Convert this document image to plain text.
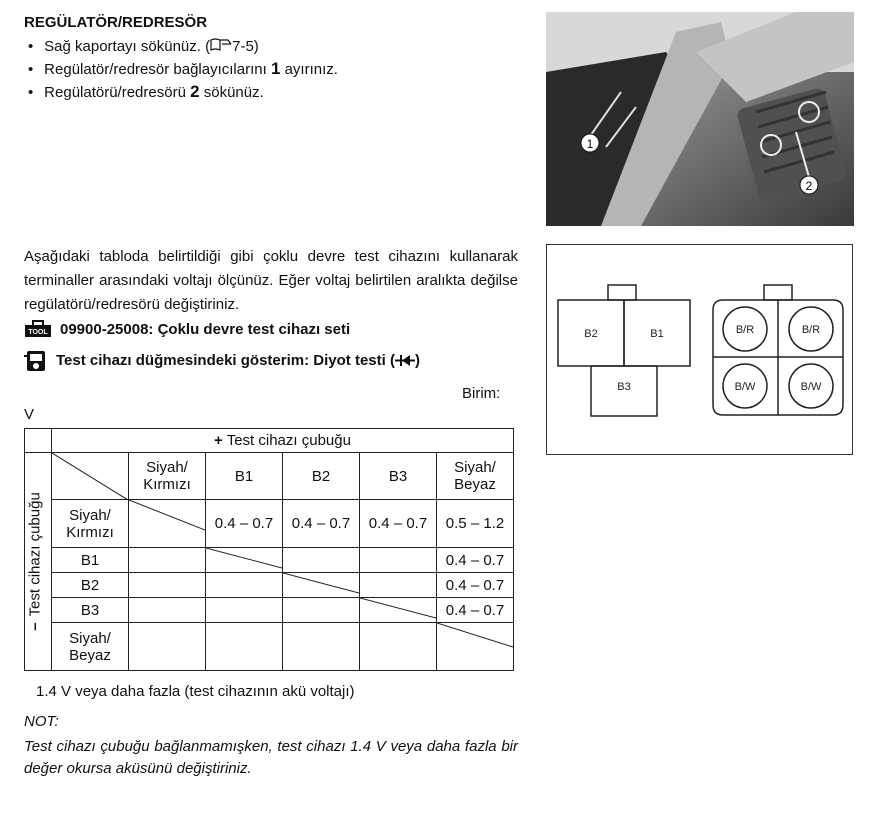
REGÜLATÖR/REDRESÖR
• Sağ kaportayı sökünüz. ( 7-5)
• Regülatör/redresör bağlayıcılarını 1 ayırınız.
• Regülatörü/redresörü 2 sökünüz.
1
2
B2	B1
B3
B/R	B/R
B/W	B/W
Aşağıdaki tabloda belirtildiği gibi çoklu devre test cihazını kullanarak terminaller arasındaki voltajı ölçünüz. Eğer voltaj belirtilen aralıkta değilse regülatörü/redresörü değiştiriniz.
TOOL 09900-25008: Çoklu devre test cihazı seti
Test cihazı düğmesindeki gösterim: Diyot testi ( )
Birim:
V
	+ Test cihazı çubuğu					

–
Test cihazı çubuğu		Siyah/ Kırmızı	B1	B2	B3	Siyah/ Beyaz
	Siyah/ Kırmızı		0.4 – 0.7	0.4 – 0.7	0.4 – 0.7	0.5 – 1.2
	B1					0.4 – 0.7
	B2					0.4 – 0.7
	B3					0.4 – 0.7
	Siyah/ Beyaz					
1.4 V veya daha fazla (test cihazının akü voltajı)
NOT:
Test cihazı çubuğu bağlanmamışken, test cihazı 1.4 V veya daha fazla bir değer okursa aküsünü değiştiriniz.
